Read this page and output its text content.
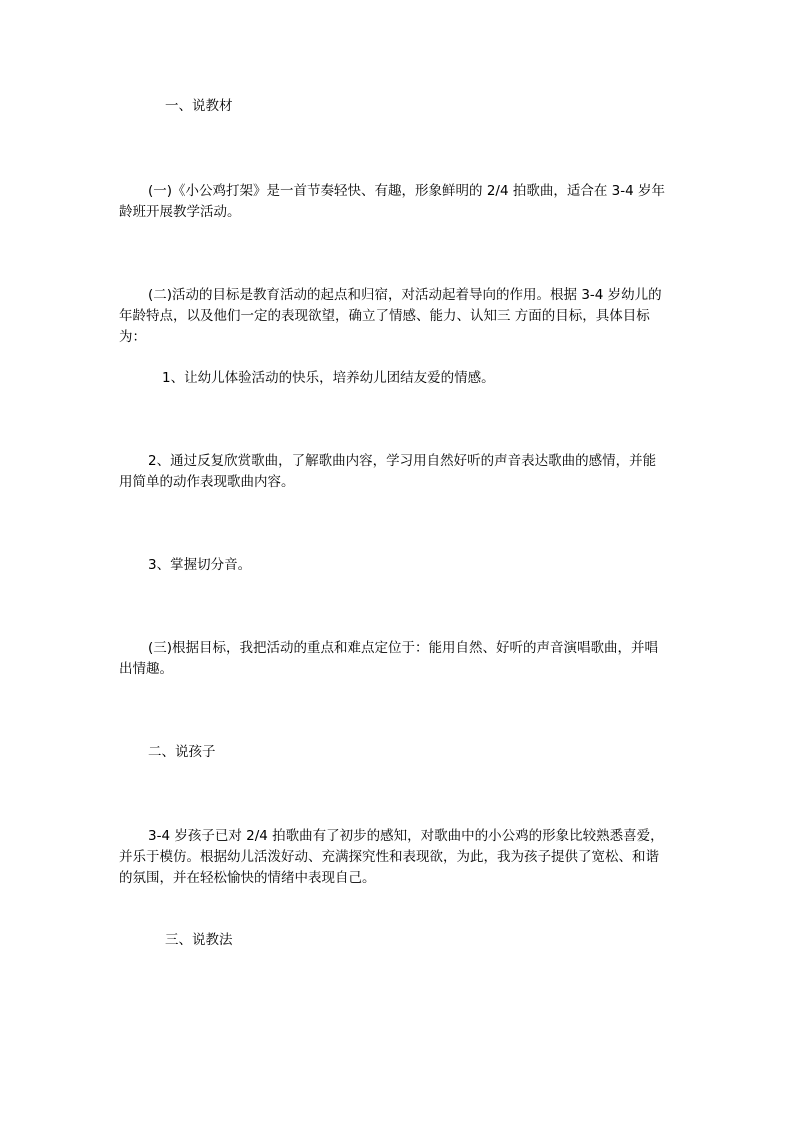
一、说教材
(一)《小公鸡打架》是一首节奏轻快、有趣，形象鲜明的 2/4 拍歌曲，适合在 3-4 岁年
龄班开展教学活动。
(二)活动的目标是教育活动的起点和归宿，对活动起着导向的作用。根据 3-4 岁幼儿的
年龄特点，以及他们一定的表现欲望，确立了情感、能力、认知三 方面的目标，具体目标
为：
1、让幼儿体验活动的快乐，培养幼儿团结友爱的情感。
2、通过反复欣赏歌曲，了解歌曲内容，学习用自然好听的声音表达歌曲的感情，并能
用简单的动作表现歌曲内容。
3、掌握切分音。
(三)根据目标，我把活动的重点和难点定位于：能用自然、好听的声音演唱歌曲，并唱
出情趣。
二、说孩子
3-4 岁孩子已对 2/4 拍歌曲有了初步的感知，对歌曲中的小公鸡的形象比较熟悉喜爱，
并乐于模仿。根据幼儿活泼好动、充满探究性和表现欲，为此，我为孩子提供了宽松、和谐
的氛围，并在轻松愉快的情绪中表现自己。
三、说教法
